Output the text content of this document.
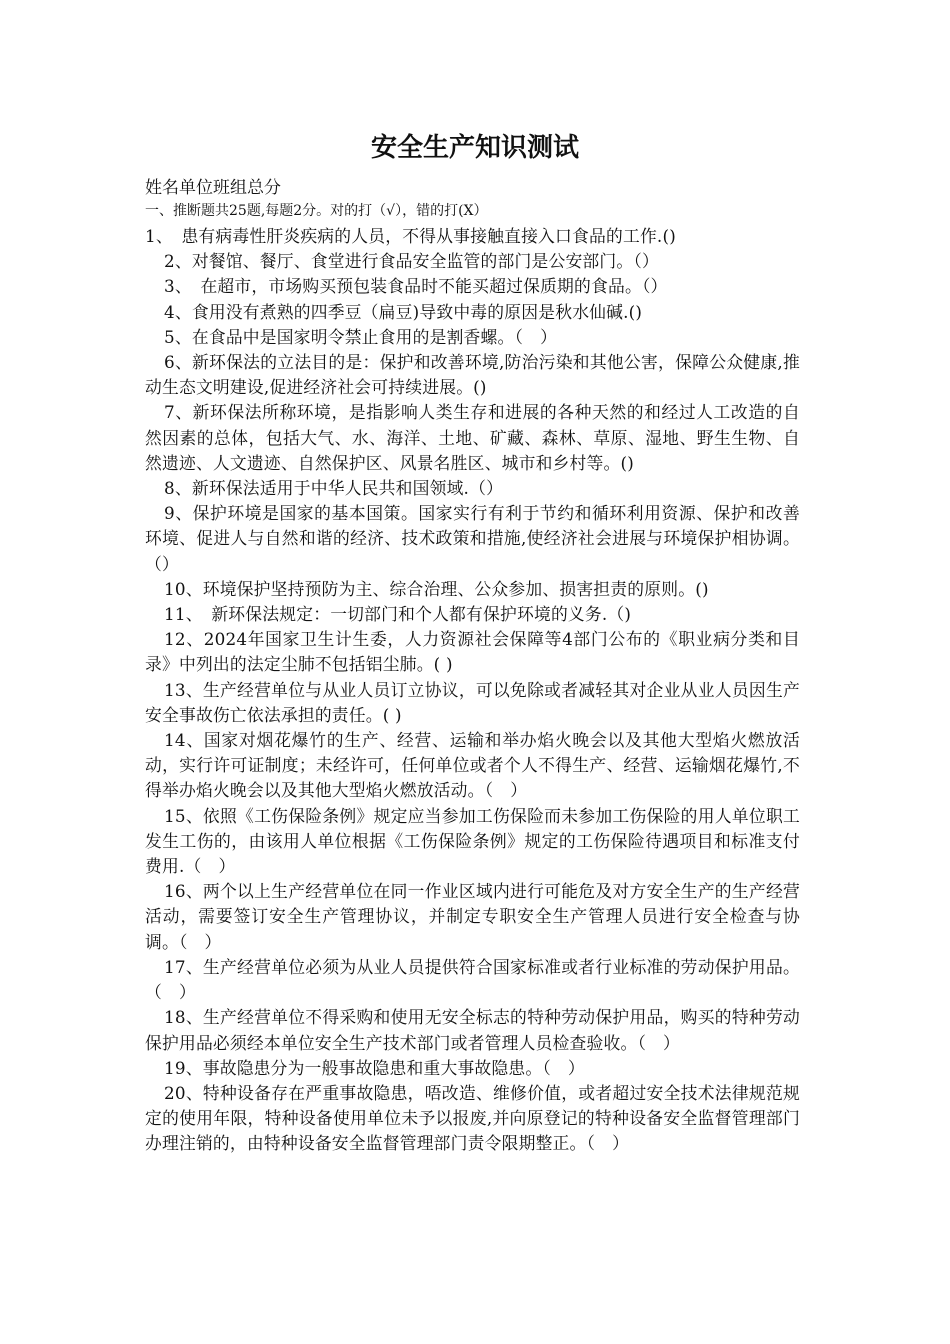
安全生产知识测试

姓名单位班组总分

一、推断题共25题,每题2分。对的打（√），错的打(X）

1、　患有病毒性肝炎疾病的人员，不得从事接触直接入口食品的工作.()

2、对餐馆、餐厅、食堂进行食品安全监管的部门是公安部门。（）

3、　在超市，市场购买预包装食品时不能买超过保质期的食品。（）

4、食用没有煮熟的四季豆（扁豆)导致中毒的原因是秋水仙碱.()

5、在食品中是国家明令禁止食用的是割香螺。（　）

6、新环保法的立法目的是：保护和改善环境,防治污染和其他公害，保障公众健康,推动生态文明建设,促进经济社会可持续进展。()

7、新环保法所称环境，是指影响人类生存和进展的各种天然的和经过人工改造的自然因素的总体，包括大气、水、海洋、土地、矿藏、森林、草原、湿地、野生生物、自然遗迹、人文遗迹、自然保护区、风景名胜区、城市和乡村等。()

8、新环保法适用于中华人民共和国领域.（）

9、保护环境是国家的基本国策。国家实行有利于节约和循环利用资源、保护和改善环境、促进人与自然和谐的经济、技术政策和措施,使经济社会进展与环境保护相协调。（）

10、环境保护坚持预防为主、综合治理、公众参加、损害担责的原则。()

11、　新环保法规定：一切部门和个人都有保护环境的义务.（)

12、2024年国家卫生计生委，人力资源社会保障等4部门公布的《职业病分类和目录》中列出的法定尘肺不包括铝尘肺。( )

13、生产经营单位与从业人员订立协议，可以免除或者减轻其对企业从业人员因生产安全事故伤亡依法承担的责任。( )

14、国家对烟花爆竹的生产、经营、运输和举办焰火晚会以及其他大型焰火燃放活动，实行许可证制度；未经许可，任何单位或者个人不得生产、经营、运输烟花爆竹,不得举办焰火晚会以及其他大型焰火燃放活动。（　）

15、依照《工伤保险条例》规定应当参加工伤保险而未参加工伤保险的用人单位职工发生工伤的，由该用人单位根据《工伤保险条例》规定的工伤保险待遇项目和标准支付费用.（　）

16、两个以上生产经营单位在同一作业区域内进行可能危及对方安全生产的生产经营活动，需要签订安全生产管理协议，并制定专职安全生产管理人员进行安全检查与协调。（　）

17、生产经营单位必须为从业人员提供符合国家标准或者行业标准的劳动保护用品。（　）

18、生产经营单位不得采购和使用无安全标志的特种劳动保护用品，购买的特种劳动保护用品必须经本单位安全生产技术部门或者管理人员检查验收。（　）

19、事故隐患分为一般事故隐患和重大事故隐患。（　）

20、特种设备存在严重事故隐患，唔改造、维修价值，或者超过安全技术法律规范规定的使用年限，特种设备使用单位未予以报废,并向原登记的特种设备安全监督管理部门办理注销的，由特种设备安全监督管理部门责令限期整正。（　）
